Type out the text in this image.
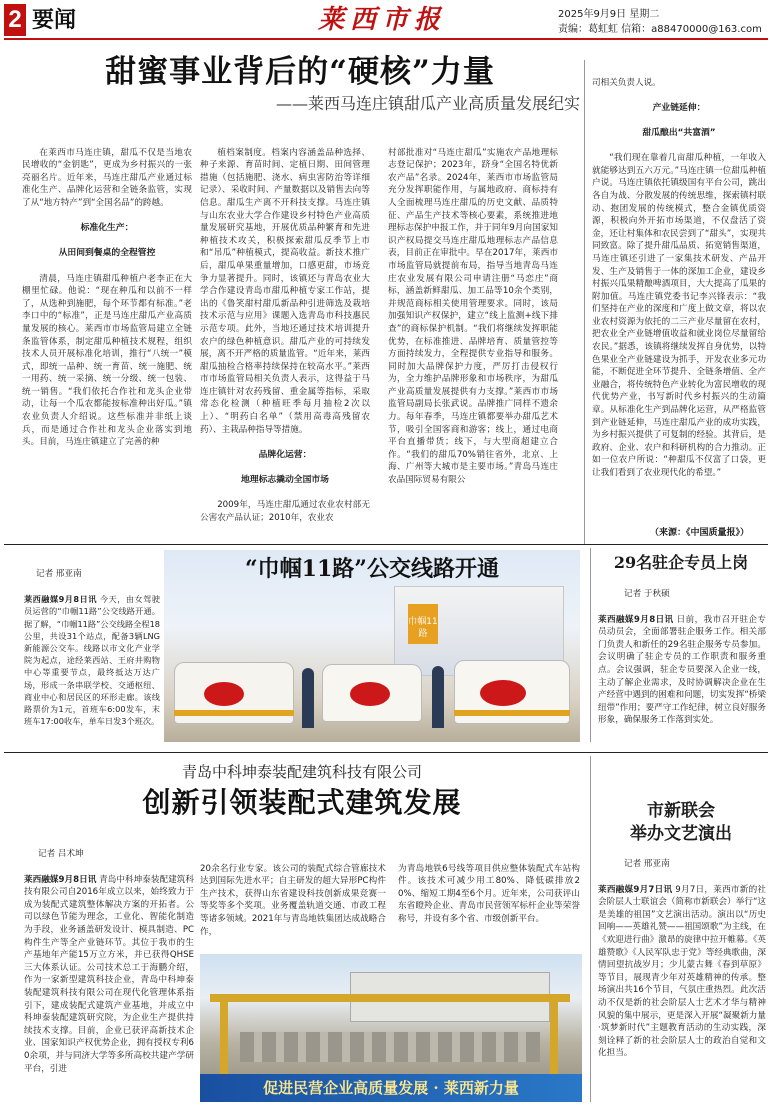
2 要闻	莱西市报	2025年9月9日 星期二
责编：葛虹虹 信箱：a88470000@163.com
甜蜜事业背后的“硬核”力量
——莱西马连庄镇甜瓜产业高质量发展纪实

在莱西市马连庄镇，甜瓜不仅是当地农民增收的“金钥匙”，更成为乡村振兴的一张亮丽名片。近年来，马连庄甜瓜产业通过标准化生产、品牌化运营和全链条监管，实现了从“地方特产”到“全国名品”的跨越。

标准化生产：

从田间到餐桌的全程管控

清晨，马连庄镇甜瓜种植户老李正在大棚里忙碌。他说：“现在种瓜和以前不一样了，从选种到施肥，每个环节都有标准。”老李口中的“标准”，正是马连庄甜瓜产业高质量发展的核心。莱西市市场监管局建立全链条监管体系，制定甜瓜种植技术规程，组织技术人员开展标准化培训，推行“八统一”模式，即统一品种、统一育苗、统一施肥、统一用药、统一采摘、统一分级、统一包装、统一销售。“我们依托合作社和龙头企业带动，让每一个瓜农都能按标准种出好瓜。”镇农业负责人介绍说。这些标准并非纸上谈兵，而是通过合作社和龙头企业落实到地头。目前，马连庄镇建立了完善的种

植档案制度。档案内容涵盖品种选择、种子来源、育苗时间、定植日期、田间管理措施（包括施肥、浇水、病虫害防治等详细记录）、采收时间、产量数据以及销售去向等信息。甜瓜生产离不开科技支撑。马连庄镇与山东农业大学合作建设乡村特色产业高质量发展研究基地，开展优质品种繁育和先进种植技术攻关，积极探索甜瓜反季节上市和“吊瓜”种植模式，提高收益。新技术推广后，甜瓜单果重量增加，口感更甜，市场竞争力显著提升。同时，该镇还与青岛农业大学合作建设青岛市甜瓜种植专家工作站，提出的《鲁笑甜村甜瓜新品种引进筛选及栽培技术示范与应用》课题入选青岛市科技惠民示范专项。此外，当地还通过技术培训提升农户的绿色种植意识。甜瓜产业的可持续发展，离不开严格的质量监管。“近年来，莱西甜瓜抽检合格率持续保持在较高水平。”莱西市市场监管局相关负责人表示，这得益于马连庄镇针对农药残留、重金属等指标，采取常态化检测（种植旺季每月抽检2次以上）、“明药白名单”（禁用高毒高残留农药）、主栽品种指导等措施。

品牌化运营：

地理标志撬动全国市场

2009年，马连庄甜瓜通过农业农村部无公害农产品认证；2010年，农业农

村部批准对“马连庄甜瓜”实施农产品地理标志登记保护；2023年，跻身“全国名特优新农产品”名录。2024年，莱西市市场监管局充分发挥职能作用，与属地政府、商标持有人全面梳理马连庄甜瓜的历史文献、品质特征、产品生产技术等核心要素，系统推进地理标志保护申报工作，并于同年9月向国家知识产权局提交马连庄甜瓜地理标志产品信息表，目前正在审批中。早在2017年，莱西市市场监管局就提前布局，指导当地青岛马连庄农业发展有限公司申请注册“马恋庄”商标，涵盖新鲜甜瓜、加工品等10余个类别，并规范商标相关使用管理要求。同时，该局加强知识产权保护，建立“线上监测+线下排查”的商标保护机制。“我们将继续发挥职能优势，在标准推进、品牌培育、质量管控等方面持续发力，全程提供专业指导和服务。同时加大品牌保护力度，严厉打击侵权行为，全力维护品牌形象和市场秩序，为甜瓜产业高质量发展提供有力支撑。”莱西市市场监管局副局长张武说。品牌推广同样不遗余力。每年春季，马连庄镇都要举办甜瓜艺术节，吸引全国客商和游客；线上，通过电商平台直播带货；线下，与大型商超建立合作。“我们的甜瓜70%销往省外，北京、上海、广州等大城市是主要市场。”青岛马连庄农品国际贸易有限公

司相关负责人说。

产业链延伸：

甜瓜酿出“共富酒”

“我们现在靠着几亩甜瓜种植，一年收入就能够达到五六万元。”马连庄镇一位甜瓜种植户说。马连庄镇依托镇级国有平台公司，跳出各自为战、分散发展的传统思维，探索镇村联动、抱团发展的传统模式，整合金镇优质资源，积极向外开拓市场渠道，不仅盘活了资金，还让村集体和农民尝到了“甜头”，实现共同致富。除了提升甜瓜品质、拓宽销售渠道，马连庄镇还引进了一家集技术研发、产品开发、生产及销售于一体的深加工企业，建设乡村振兴瓜果精酿啤酒项目，大大提高了瓜果的附加值。马连庄镇党委书记李兴锋表示：“我们坚持在产业的深度和广度上做文章，将以农业农村资源为依托的二三产业尽量留在农村，把农业全产业链增值收益和就业岗位尽量留给农民。”据悉，该镇将继续发挥自身优势，以特色果业全产业链建设为抓手，开发农业多元功能，不断促进全环节提升、全链条增值、全产业融合，将传统特色产业转化为富民增收的现代优势产业，书写新时代乡村振兴的生动篇章。从标准化生产到品牌化运营，从严格监管到产业链延伸，马连庄甜瓜产业的成功实践，为乡村振兴提供了可复制的经验。其背后，是政府、企业、农户和科研机构的合力推动。正如一位农户所说：“种甜瓜不仅富了口袋，更让我们看到了农业现代化的希望。”

（来源：《中国质量报》）
“巾帼11路”公交线路开通
巾帼11路
记者 邢亚南

莱西融媒9月8日讯 今天，由女驾驶员运营的“巾帼11路”公交线路开通。据了解，“巾帼11路”公交线路全程18公里，共设31个站点，配备3辆LNG新能源公交车。线路以市文化产业学院为起点，途经莱西站、王府井购物中心等重要节点，最终抵达万达广场，形成一条串联学校、交通枢纽、商业中心和居民区的环形走廊。该线路票价为1元，首班车6:00发车，末班车17:00收车，单车日发3个班次。

29名驻企专员上岗
记者 于秋硕

莱西融媒9月8日讯 日前，我市召开驻企专员动员会，全面部署驻企服务工作。相关部门负责人和新任的29名驻企服务专员参加。会议明确了驻企专员的工作职责和服务重点。会议强调，驻企专员要深入企业一线，主动了解企业需求，及时协调解决企业在生产经营中遇到的困难和问题，切实发挥“桥梁纽带”作用；要严守工作纪律，树立良好服务形象，确保服务工作落到实处。

青岛中科坤泰装配建筑科技有限公司
创新引领装配式建筑发展
记者 吕术坤

莱西融媒9月8日讯 青岛中科坤泰装配建筑科技有限公司自2016年成立以来，始终致力于成为装配式建筑整体解决方案的开拓者。公司以绿色节能为理念，工业化、智能化制造为手段，业务涵盖研发设计、模具制造、PC构件生产等全产业链环节。其位于我市的生产基地年产能15万立方米，并已获得QHSE三大体系认证。公司技术总工于海鹏介绍，作为一家新型建筑科技企业，青岛中科坤泰装配建筑科技有限公司在现代化管理体系指引下，建成装配式建筑产业基地，并成立中科坤泰装配建筑研究院，为企业生产提供持续技术支撑。目前，企业已获评高新技术企业、国家知识产权优势企业，拥有授权专利60余项，并与同济大学等多所高校共建产学研平台，引进

20余名行业专家。该公司的装配式综合管廊技术达到国际先进水平；自主研发的超大异形PC构件生产技术，获得山东省建设科技创新成果竞赛一等奖等多个奖项。业务覆盖轨道交通、市政工程等诸多领域。2021年与青岛地铁集团达成战略合作，

为青岛地铁6号线等项目供应整体装配式车站构件。该技术可减少用工80%、降低碳排放20%、缩短工期4至6个月。近年来，公司获评山东省瞪羚企业、青岛市民营领军标杆企业等荣誉称号，并设有多个省、市级创新平台。

促进民营企业高质量发展 · 莱西新力量
市新联会
举办文艺演出
记者 邢亚南

莱西融媒9月7日讯 9月7日，莱西市新的社会阶层人士联谊会（简称市新联会）举行“这是美雄的祖国”文艺演出活动。演出以“历史回响——英雄礼赞——祖国颂歌”为主线，在《欢迎进行曲》激昂的旋律中拉开帷幕。《英雄赞歌》《人民军队忠于党》等经典歌曲，深情回望抗战岁月；少儿蒙古舞《春到草原》等节目，展现青少年对英雄精神的传承。整场演出共16个节目，气氛庄重热烈。此次活动不仅是新的社会阶层人士艺术才华与精神风貌的集中展示，更是深入开展“凝聚新力量·筑梦新时代”主题教育活动的生动实践，深刻诠释了新的社会阶层人士的政治自觉和文化担当。
